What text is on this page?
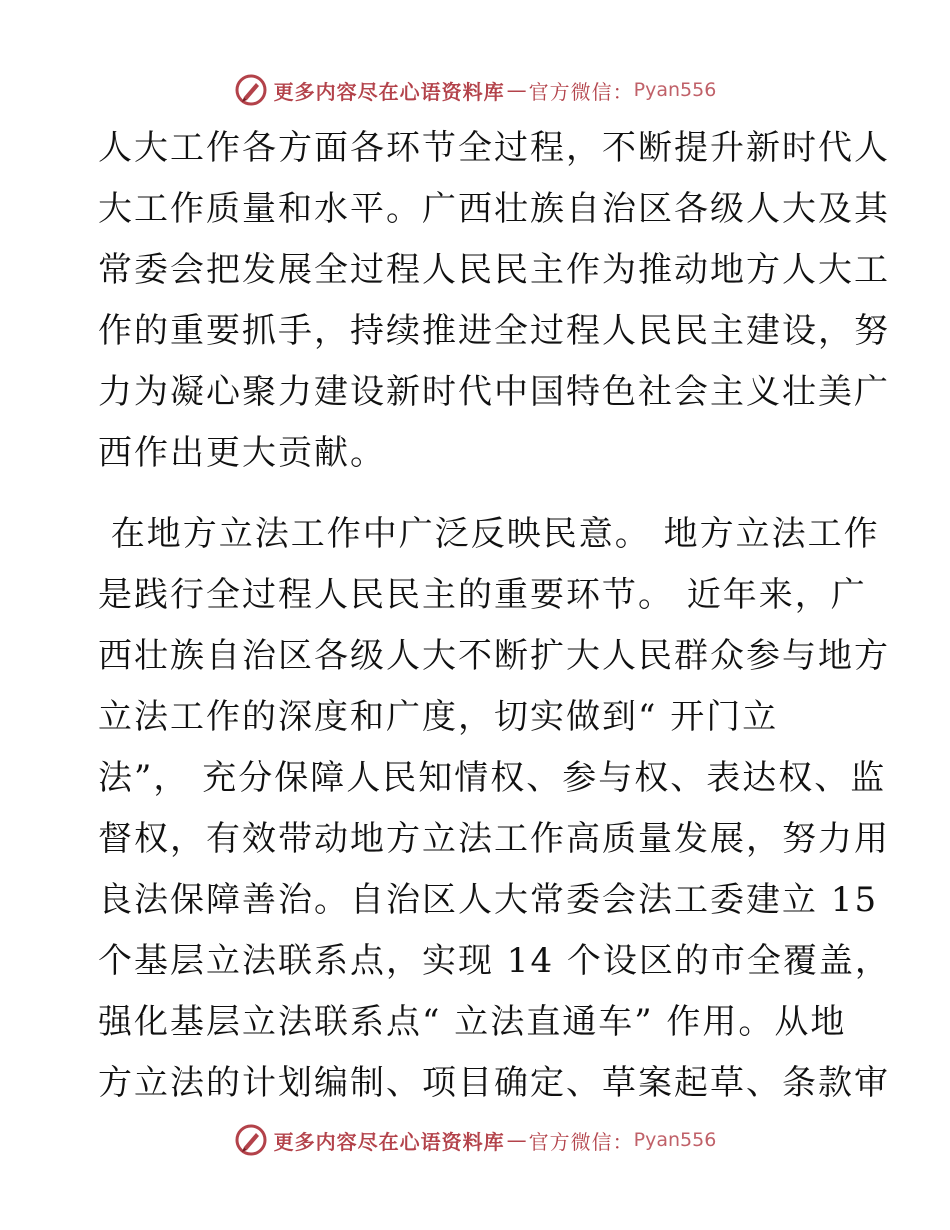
更多内容尽在心语资料库 — 官方微信： Pyan556
人大工作各方面各环节全过程，不断提升新时代人
大工作质量和水平。广西壮族自治区各级人大及其
常委会把发展全过程人民民主作为推动地方人大工
作的重要抓手，持续推进全过程人民民主建设，努
力为凝心聚力建设新时代中国特色社会主义壮美广
西作出更大贡献。
在地方立法工作中广泛反映民意。 地方立法工作
是践行全过程人民民主的重要环节。 近年来，广
西壮族自治区各级人大不断扩大人民群众参与地方
立法工作的深度和广度，切实做到“ 开门立
法”， 充分保障人民知情权、参与权、表达权、监
督权，有效带动地方立法工作高质量发展，努力用
良法保障善治。自治区人大常委会法工委建立 15
个基层立法联系点，实现 14 个设区的市全覆盖，
强化基层立法联系点“ 立法直通车” 作用。从地
方立法的计划编制、项目确定、草案起草、条款审
更多内容尽在心语资料库 — 官方微信： Pyan556
